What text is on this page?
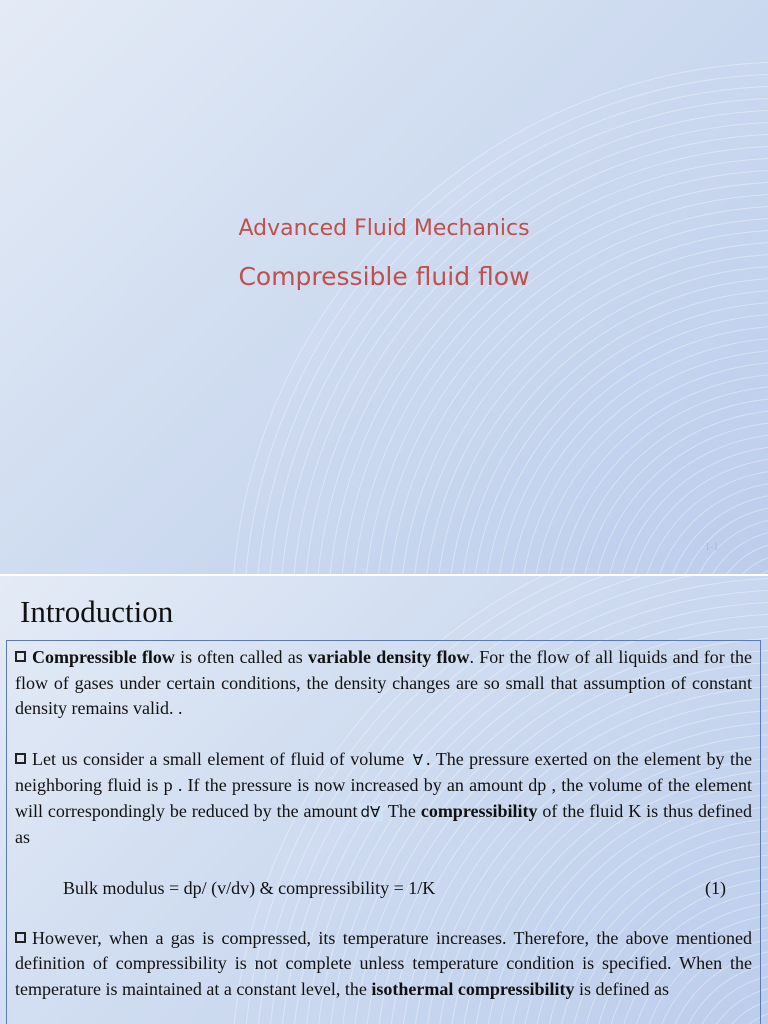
Advanced Fluid Mechanics
Compressible fluid flow
1-1
Introduction

Compressible flow is often called as variable density flow. For the flow of all liquids and for the flow of gases under certain conditions, the density changes are so small that assumption of constant density remains valid. .

Let us consider a small element of fluid of volume ∀ . The pressure exerted on the element by the neighboring fluid is p . If the pressure is now increased by an amount dp , the volume of the element will correspondingly be reduced by the amount d∀ The compressibility of the fluid K is thus defined as

Bulk modulus = dp/ (v/dv) & compressibility = 1/K	(1)

However, when a gas is compressed, its temperature increases. Therefore, the above mentioned definition of compressibility is not complete unless temperature condition is specified. When the temperature is maintained at a constant level, the isothermal compressibility is defined as
